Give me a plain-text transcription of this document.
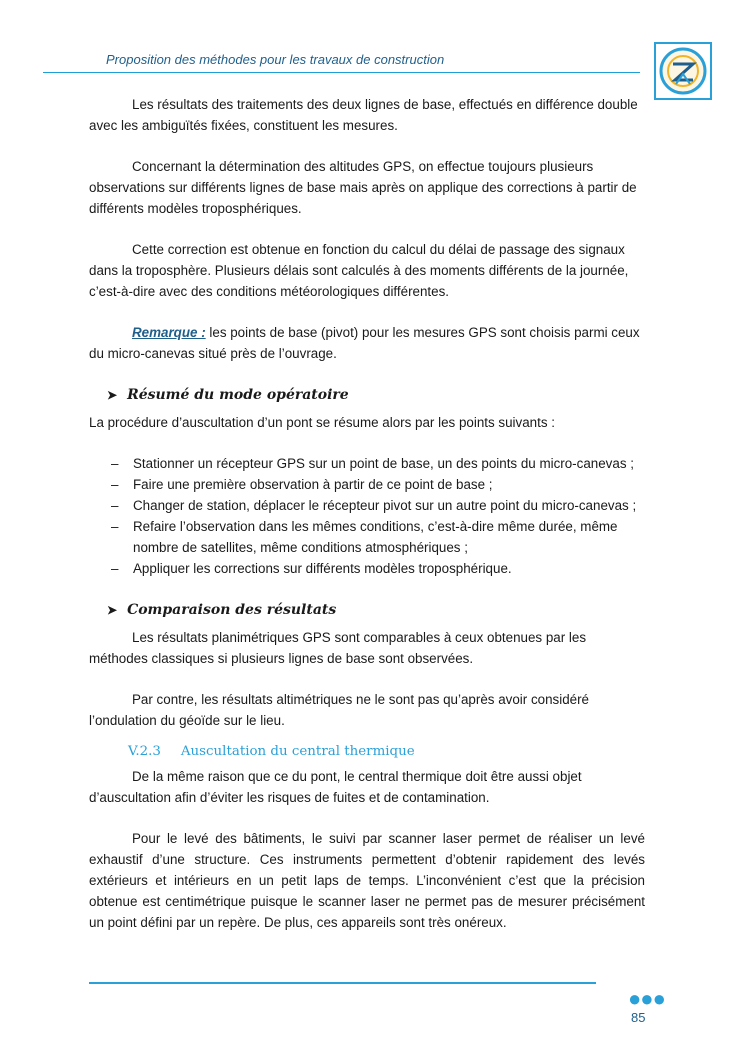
Proposition des méthodes pour les travaux de construction

Les résultats des traitements des deux lignes de base, effectués en différence double avec les ambiguïtés fixées, constituent les mesures.

Concernant la détermination des altitudes GPS, on effectue toujours plusieurs observations sur différents lignes de base mais après on applique des corrections à partir de différents modèles troposphériques.

Cette correction est obtenue en fonction du calcul du délai de passage des signaux dans la troposphère. Plusieurs délais sont calculés à des moments différents de la journée, c’est-à-dire avec des conditions météorologiques différentes.

Remarque : les points de base (pivot) pour les mesures GPS sont choisis parmi ceux du micro-canevas situé près de l’ouvrage.

➤ Résumé du mode opératoire

La procédure d’auscultation d’un pont se résume alors par les points suivants :

– Stationner un récepteur GPS sur un point de base, un des points du micro-canevas ;
– Faire une première observation à partir de ce point de base ;
– Changer de station, déplacer le récepteur pivot sur un autre point du micro-canevas ;
– Refaire l’observation dans les mêmes conditions, c’est-à-dire même durée, même nombre de satellites, même conditions atmosphériques ;
– Appliquer les corrections sur différents modèles troposphérique.
➤ Comparaison des résultats

Les résultats planimétriques GPS sont comparables à ceux obtenues par les méthodes classiques si plusieurs lignes de base sont observées.

Par contre, les résultats altimétriques ne le sont pas qu’après avoir considéré l’ondulation du géoïde sur le lieu.

V.2.3 Auscultation du central thermique

De la même raison que ce du pont, le central thermique doit être aussi objet d’auscultation afin d’éviter les risques de fuites et de contamination.

Pour le levé des bâtiments, le suivi par scanner laser permet de réaliser un levé exhaustif d’une structure. Ces instruments permettent d’obtenir rapidement des levés extérieurs et intérieurs en un petit laps de temps. L’inconvénient c’est que la précision obtenue est centimétrique puisque le scanner laser ne permet pas de mesurer précisément un point défini par un repère. De plus, ces appareils sont très onéreux.

●●●
85
